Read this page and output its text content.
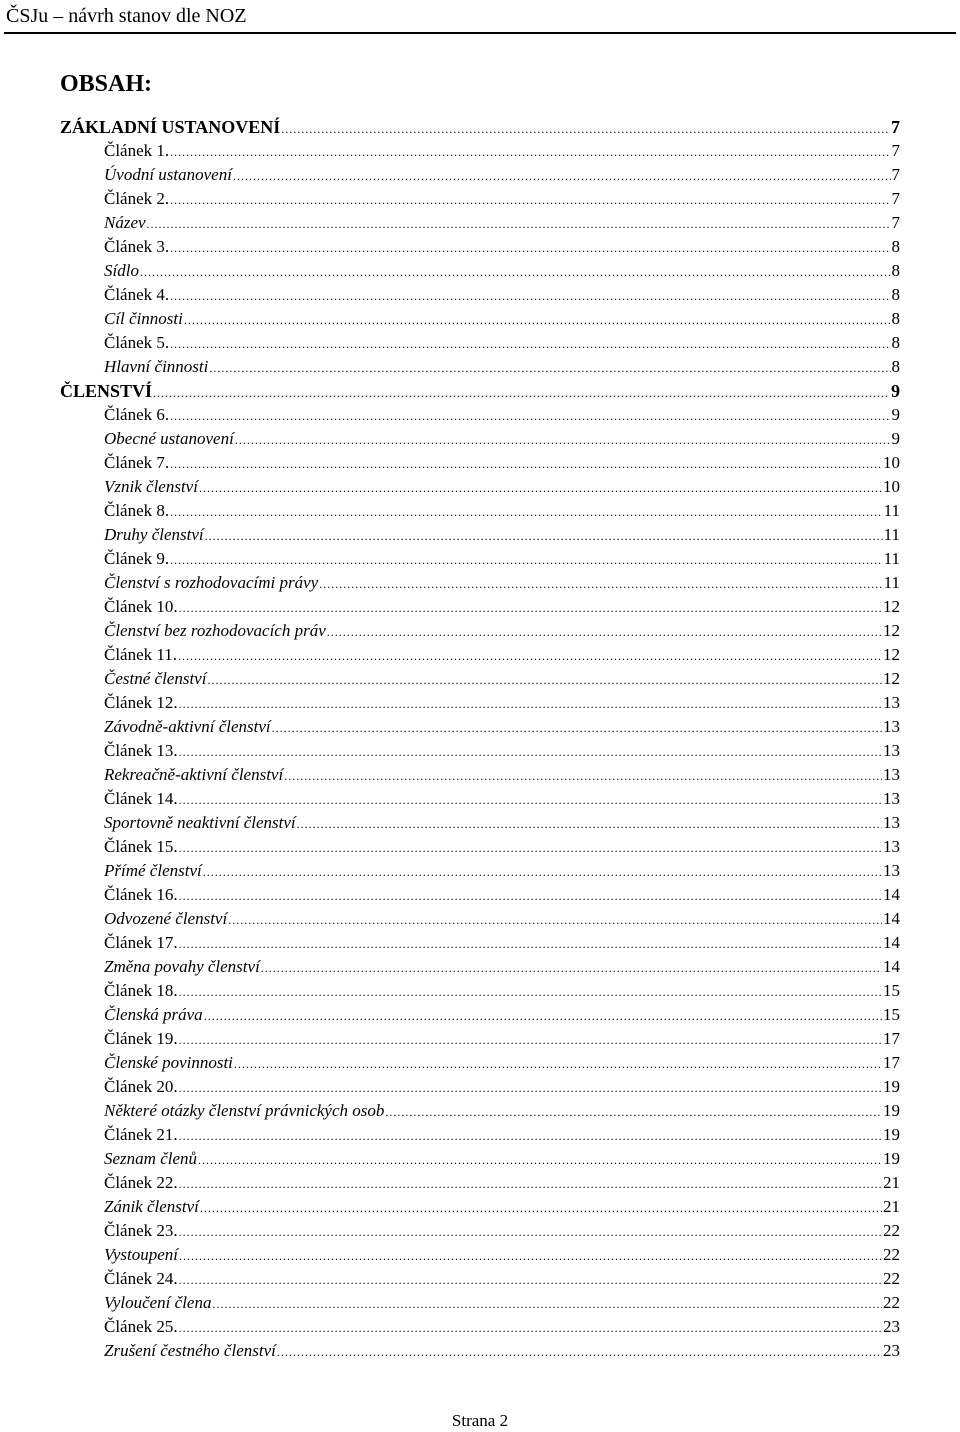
ČSJu – návrh stanov dle NOZ
OBSAH:
ZÁKLADNÍ USTANOVENÍ .....	7
Článek 1. .....	7
Úvodní ustanovení .....	7
Článek 2. .....	7
Název .....	7
Článek 3. .....	8
Sídlo .....	8
Článek 4. .....	8
Cíl činnosti .....	8
Článek 5. .....	8
Hlavní činnosti .....	8
ČLENSTVÍ .....	9
Článek 6. .....	9
Obecné ustanovení .....	9
Článek 7. .....	10
Vznik členství .....	10
Článek 8. .....	11
Druhy členství .....	11
Článek 9. .....	11
Členství s rozhodovacími právy .....	11
Článek 10. .....	12
Členství bez rozhodovacích práv .....	12
Článek 11. .....	12
Čestné členství .....	12
Článek 12. .....	13
Závodně-aktivní členství .....	13
Článek 13. .....	13
Rekreačně-aktivní členství .....	13
Článek 14. .....	13
Sportovně neaktivní členství .....	13
Článek 15. .....	13
Přímé členství .....	13
Článek 16. .....	14
Odvozené členství .....	14
Článek 17. .....	14
Změna povahy členství .....	14
Článek 18. .....	15
Členská práva .....	15
Článek 19. .....	17
Členské povinnosti .....	17
Článek 20. .....	19
Některé otázky členství právnických osob .....	19
Článek 21. .....	19
Seznam členů .....	19
Článek 22. .....	21
Zánik členství .....	21
Článek 23. .....	22
Vystoupení .....	22
Článek 24. .....	22
Vyloučení člena .....	22
Článek 25. .....	23
Zrušení čestného členství .....	23
Strana 2
